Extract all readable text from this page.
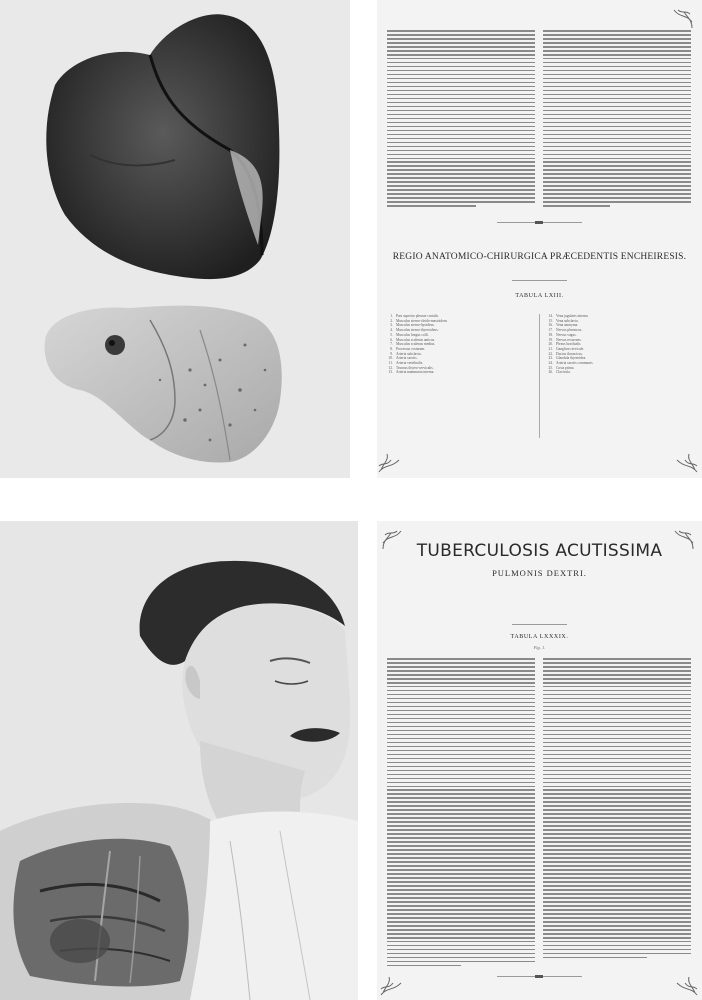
REGIO ANATOMICO-CHIRURGICA PRÆCEDENTIS ENCHEIRESIS.
TABULA LXIII.
1. Pars superior pleurae costalis.
2. Musculus sterno-cleido-mastoideus
3. Musculus sterno-hyoideus.
4. Musculus sterno-thyreoideus.
5. Musculus longus colli.
6. Musculus scalenus anticus.
7. Musculus scalenus medius.
8. Processus costarum.
9. Arteria subclavia.
10. Arteria carotis.
11. Arteria vertebralis.
12. Truncus thyreo-cervicalis.
13. Arteria mammaria interna.
14. Vena jugularis interna.
15. Vena subclavia.
16. Vena anonyma.
17. Nervus phrenicus.
18. Nervus vagus.
19. Nervus recurrens.
20. Plexus brachialis.
21. Ganglion cervicale.
22. Ductus thoracicus.
23. Glandula thyreoidea.
24. Arteria carotis communis.
25. Costa prima.
26. Clavicula.
TUBERCULOSIS ACUTISSIMA
PULMONIS DEXTRI.
TABULA LXXXIX.
Fig. 1.
